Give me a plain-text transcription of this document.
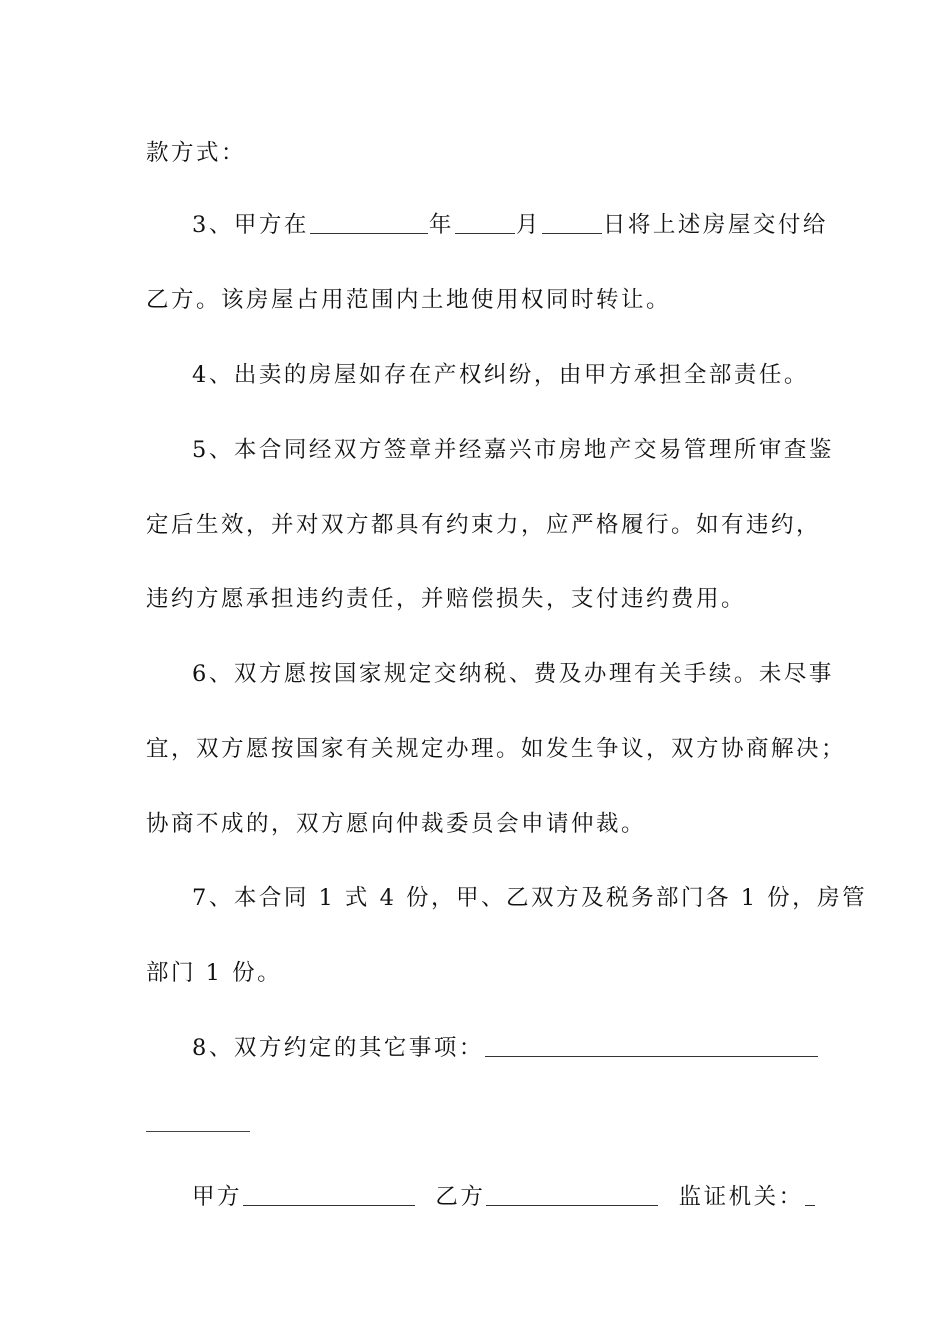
款方式：
3、甲方在	年	月	日将上述房屋交付给
乙方。该房屋占用范围内土地使用权同时转让。
4、出卖的房屋如存在产权纠纷，由甲方承担全部责任。
5、本合同经双方签章并经嘉兴市房地产交易管理所审查鉴
定后生效，并对双方都具有约束力，应严格履行。如有违约，
违约方愿承担违约责任，并赔偿损失，支付违约费用。
6、双方愿按国家规定交纳税、费及办理有关手续。未尽事
宜，双方愿按国家有关规定办理。如发生争议，双方协商解决；
协商不成的，双方愿向仲裁委员会申请仲裁。
7、本合同 1 式 4 份，甲、乙双方及税务部门各 1 份，房管
部门 1 份。
8、双方约定的其它事项：
甲方	乙方	监证机关：
